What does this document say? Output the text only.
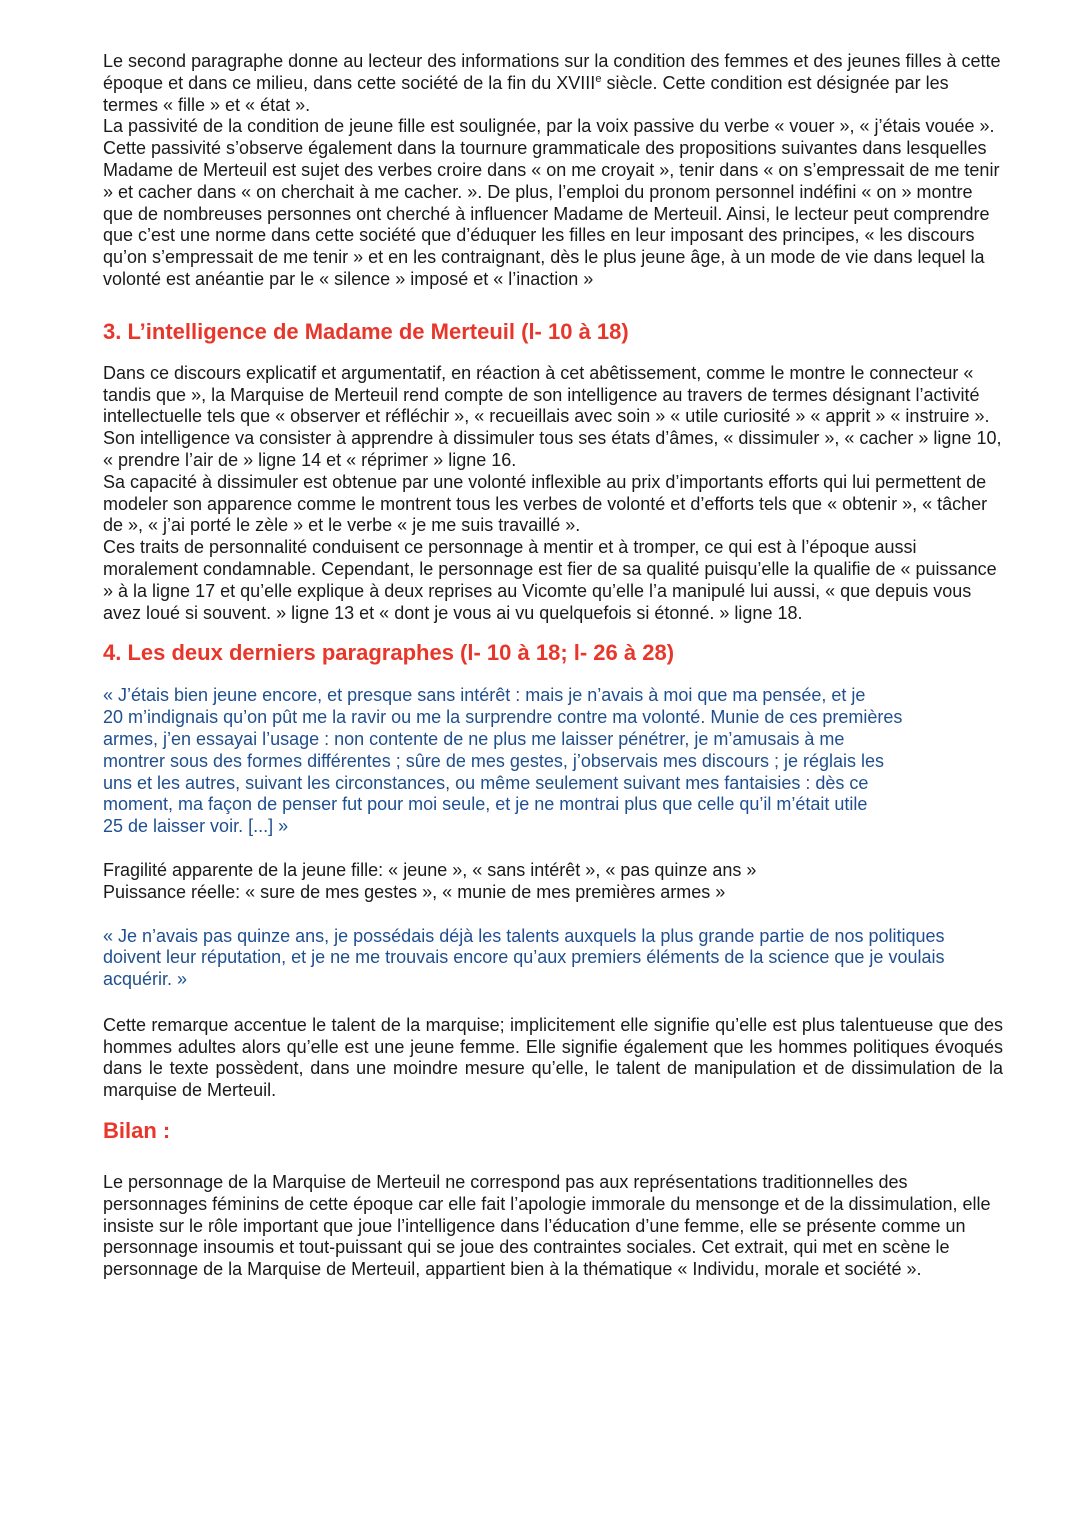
Le second paragraphe donne au lecteur des informations sur la condition des femmes et des jeunes filles à cette époque et dans ce milieu, dans cette société de la fin du XVIIIe siècle. Cette condition est désignée par les termes « fille » et « état ».

La passivité de la condition de jeune fille est soulignée, par la voix passive du verbe « vouer », « j’étais vouée ». Cette passivité s’observe également dans la tournure grammaticale des propositions suivantes dans lesquelles Madame de Merteuil est sujet des verbes croire dans « on me croyait », tenir dans « on s’empressait de me tenir » et cacher dans « on cherchait à me cacher. ». De plus, l’emploi du pronom personnel indéfini « on » montre que de nombreuses personnes ont cherché à influencer Madame de Merteuil. Ainsi, le lecteur peut comprendre que c’est une norme dans cette société que d’éduquer les filles en leur imposant des principes, « les discours qu’on s’empressait de me tenir » et en les contraignant, dès le plus jeune âge, à un mode de vie dans lequel la volonté est anéantie par le « silence » imposé et « l’inaction »

3. L’intelligence de Madame de Merteuil (l- 10 à 18)

Dans ce discours explicatif et argumentatif, en réaction à cet abêtissement, comme le montre le connecteur « tandis que », la Marquise de Merteuil rend compte de son intelligence au travers de termes désignant l’activité intellectuelle tels que « observer et réfléchir », « recueillais avec soin » « utile curiosité » « apprit » « instruire ».

Son intelligence va consister à apprendre à dissimuler tous ses états d’âmes, « dissimuler », « cacher » ligne 10, « prendre l’air de » ligne 14 et « réprimer » ligne 16.

Sa capacité à dissimuler est obtenue par une volonté inflexible au prix d’importants efforts qui lui permettent de modeler son apparence comme le montrent tous les verbes de volonté et d’efforts tels que « obtenir », « tâcher de », « j’ai porté le zèle » et le verbe « je me suis travaillé ».

Ces traits de personnalité conduisent ce personnage à mentir et à tromper, ce qui est à l’époque aussi moralement condamnable. Cependant, le personnage est fier de sa qualité puisqu’elle la qualifie de « puissance » à la ligne 17 et qu’elle explique à deux reprises au Vicomte qu’elle l’a manipulé lui aussi, « que depuis vous avez loué si souvent. » ligne 13 et « dont je vous ai vu quelquefois si étonné. » ligne 18.

4. Les deux derniers paragraphes (l- 10 à 18; l- 26 à 28)

« J’étais bien jeune encore, et presque sans intérêt : mais je n’avais à moi que ma pensée, et je

20 m’indignais qu’on pût me la ravir ou me la surprendre contre ma volonté. Munie de ces premières

armes, j’en essayai l’usage : non contente de ne plus me laisser pénétrer, je m’amusais à me

montrer sous des formes différentes ; sûre de mes gestes, j’observais mes discours ; je réglais les

uns et les autres, suivant les circonstances, ou même seulement suivant mes fantaisies : dès ce

moment, ma façon de penser fut pour moi seule, et je ne montrai plus que celle qu’il m’était utile

25 de laisser voir. [...] »

Fragilité apparente de la jeune fille: « jeune », « sans intérêt », « pas quinze ans »

Puissance réelle: « sure de mes gestes », « munie de mes premières armes »

« Je n’avais pas quinze ans, je possédais déjà les talents auxquels la plus grande partie de nos politiques doivent leur réputation, et je ne me trouvais encore qu’aux premiers éléments de la science que je voulais acquérir. »

Cette remarque accentue le talent de la marquise; implicitement elle signifie qu’elle est plus talentueuse que des hommes adultes alors qu’elle est une jeune femme. Elle signifie également que les hommes politiques évoqués dans le texte possèdent, dans une moindre mesure qu’elle, le talent de manipulation et de dissimulation de la marquise de Merteuil.

Bilan :

Le personnage de la Marquise de Merteuil ne correspond pas aux représentations traditionnelles des personnages féminins de cette époque car elle fait l’apologie immorale du mensonge et de la dissimulation, elle insiste sur le rôle important que joue l’intelligence dans l’éducation d’une femme, elle se présente comme un personnage insoumis et tout-puissant qui se joue des contraintes sociales. Cet extrait, qui met en scène le personnage de la Marquise de Merteuil, appartient bien à la thématique « Individu, morale et société ».
